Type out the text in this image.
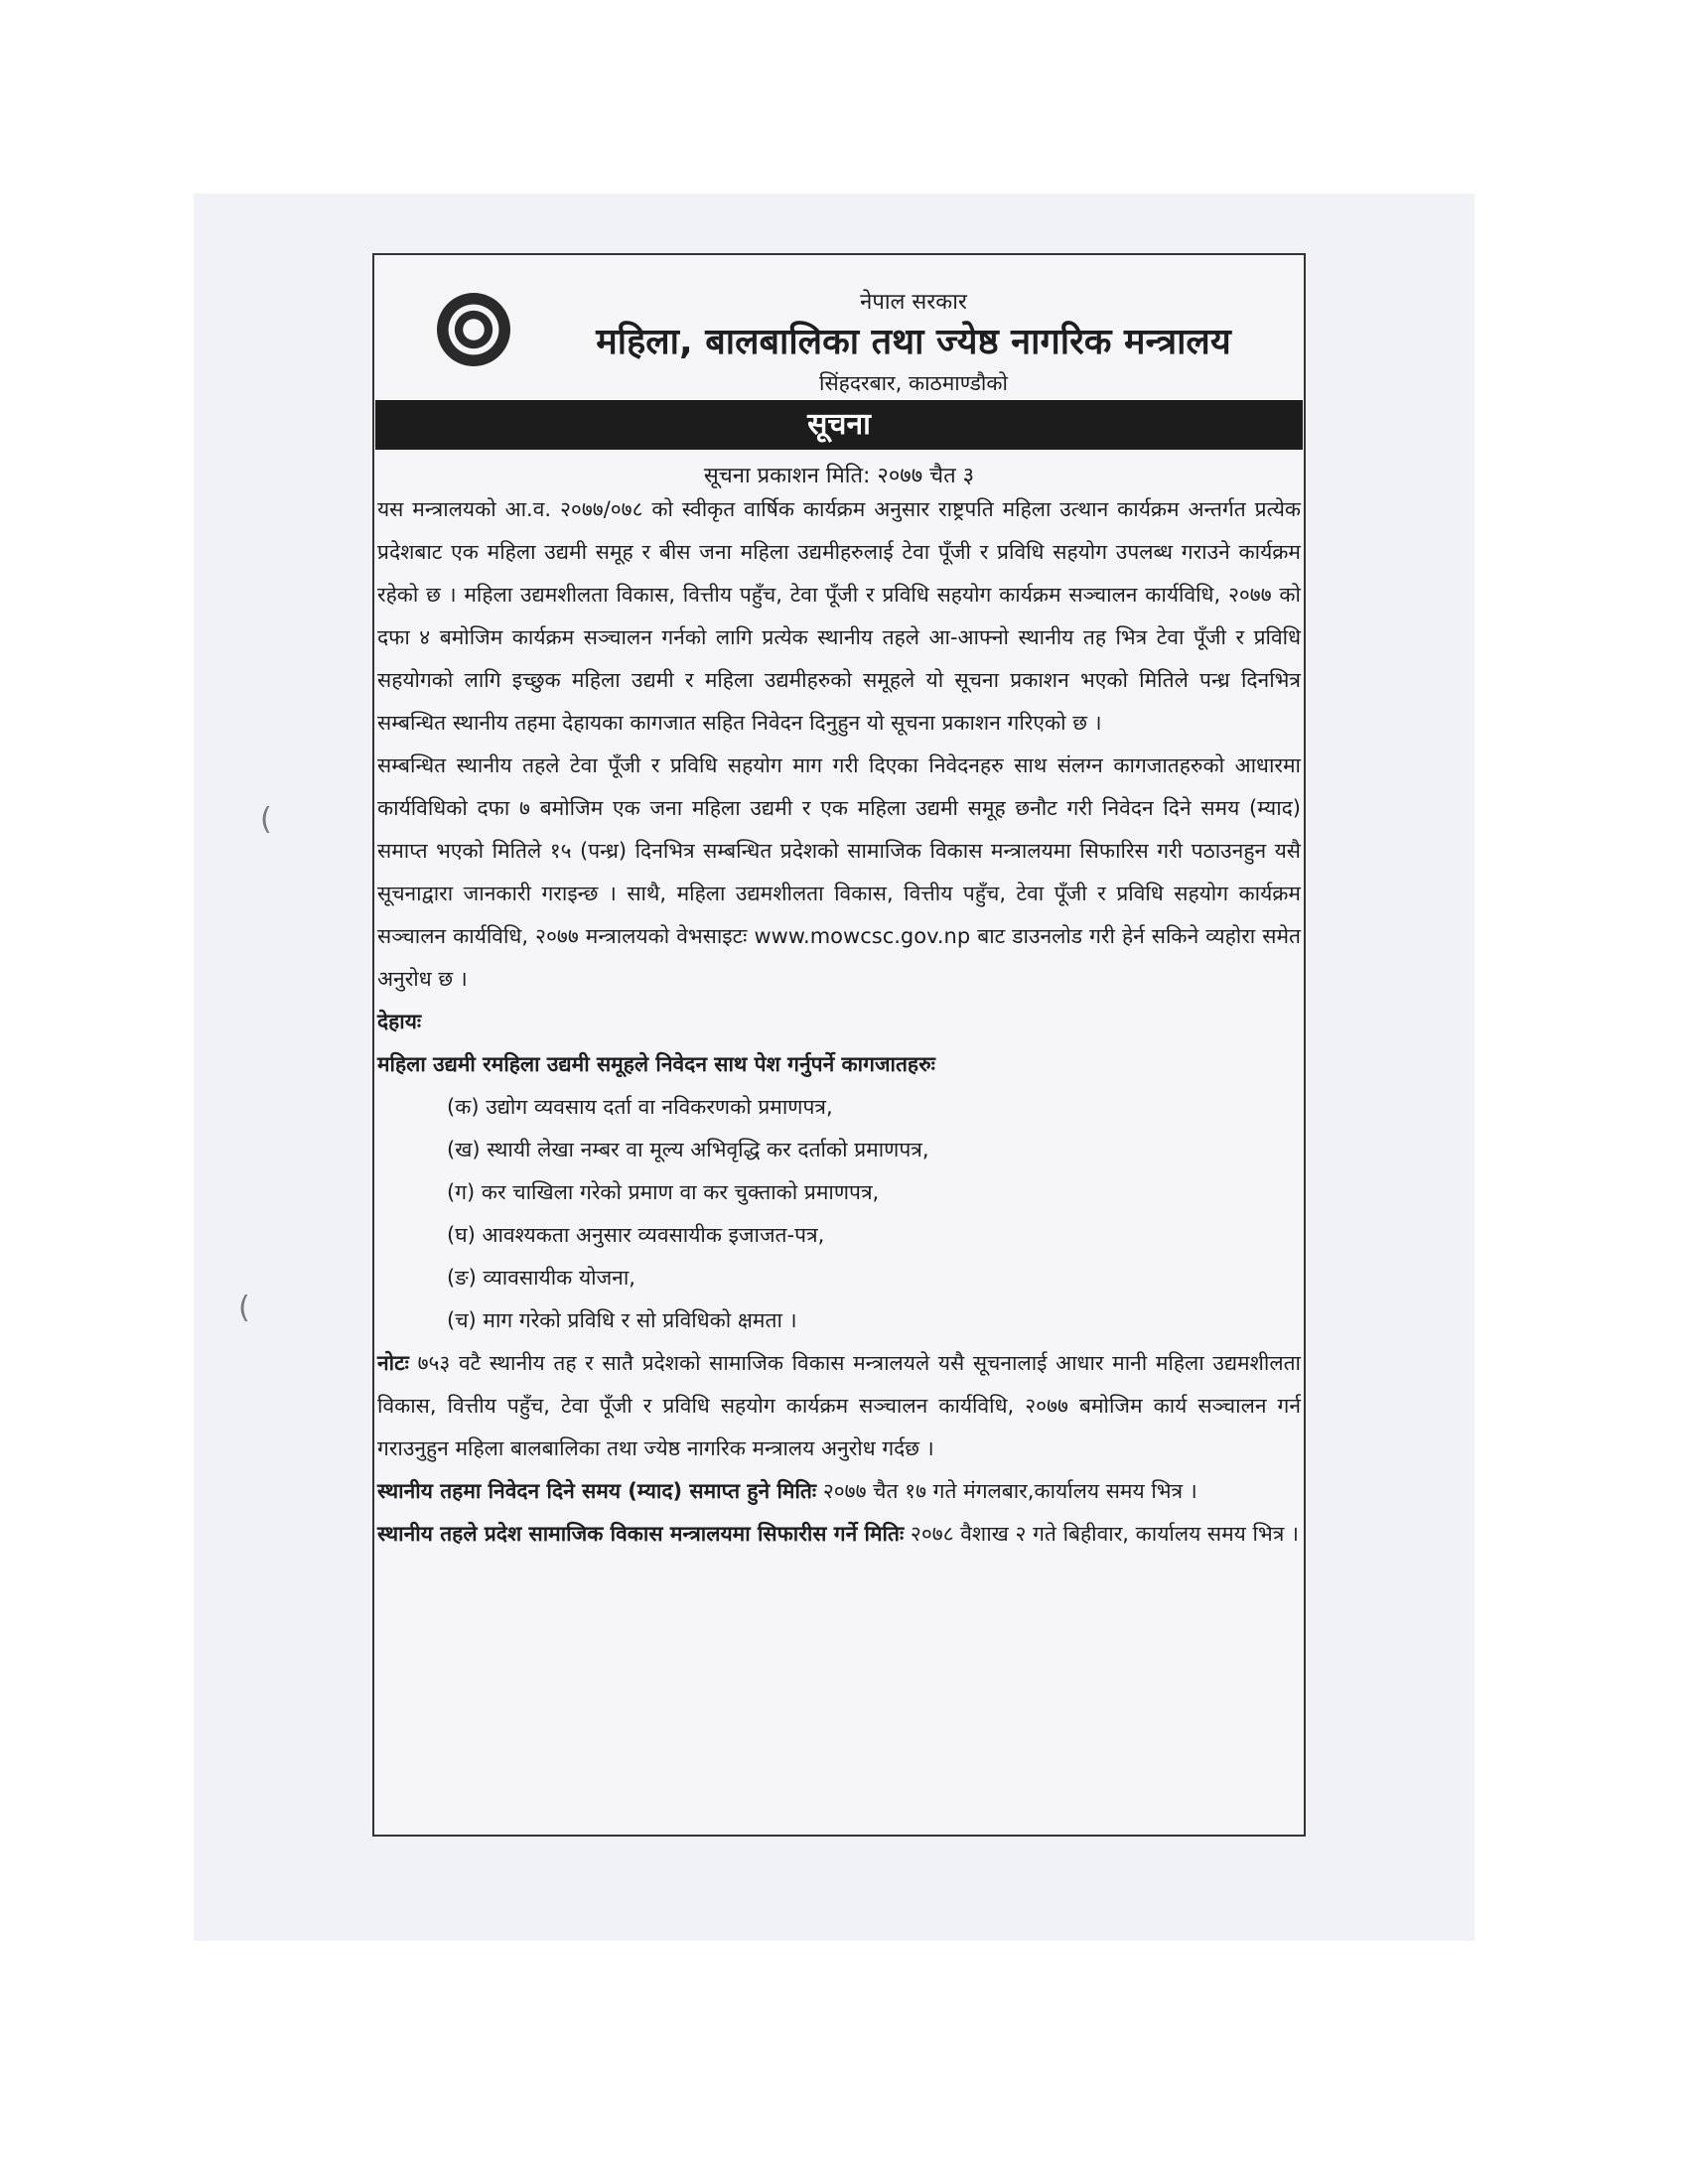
नेपाल सरकार
महिला, बालबालिका तथा ज्येष्ठ नागरिक मन्त्रालय
सिंहदरबार, काठमाण्डौको
सूचना
सूचना प्रकाशन मिति: २०७७ चैत ३

यस मन्त्रालयको आ.व. २०७७/०७८ को स्वीकृत वार्षिक कार्यक्रम अनुसार राष्ट्रपति महिला उत्थान कार्यक्रम अन्तर्गत प्रत्येक प्रदेशबाट एक महिला उद्यमी समूह र बीस जना महिला उद्यमीहरुलाई टेवा पूँजी र प्रविधि सहयोग उपलब्ध गराउने कार्यक्रम रहेको छ । महिला उद्यमशीलता विकास, वित्तीय पहुँच, टेवा पूँजी र प्रविधि सहयोग कार्यक्रम सञ्चालन कार्यविधि, २०७७ को दफा ४ बमोजिम कार्यक्रम सञ्चालन गर्नको लागि प्रत्येक स्थानीय तहले आ-आफ्नो स्थानीय तह भित्र टेवा पूँजी र प्रविधि सहयोगको लागि इच्छुक महिला उद्यमी र महिला उद्यमीहरुको समूहले यो सूचना प्रकाशन भएको मितिले पन्ध्र दिनभित्र सम्बन्धित स्थानीय तहमा देहायका कागजात सहित निवेदन दिनुहुन यो सूचना प्रकाशन गरिएको छ ।

सम्बन्धित स्थानीय तहले टेवा पूँजी र प्रविधि सहयोग माग गरी दिएका निवेदनहरु साथ संलग्न कागजातहरुको आधारमा कार्यविधिको दफा ७ बमोजिम एक जना महिला उद्यमी र एक महिला उद्यमी समूह छनौट गरी निवेदन दिने समय (म्याद) समाप्त भएको मितिले १५ (पन्ध्र) दिनभित्र सम्बन्धित प्रदेशको सामाजिक विकास मन्त्रालयमा सिफारिस गरी पठाउनहुन यसै सूचनाद्वारा जानकारी गराइन्छ । साथै, महिला उद्यमशीलता विकास, वित्तीय पहुँच, टेवा पूँजी र प्रविधि सहयोग कार्यक्रम सञ्चालन कार्यविधि, २०७७ मन्त्रालयको वेभसाइटः www.mowcsc.gov.np बाट डाउनलोड गरी हेर्न सकिने व्यहोरा समेत अनुरोध छ ।

देहायः

महिला उद्यमी रमहिला उद्यमी समूहले निवेदन साथ पेश गर्नुपर्ने कागजातहरुः

(क) उद्योग व्यवसाय दर्ता वा नविकरणको प्रमाणपत्र,
(ख) स्थायी लेखा नम्बर वा मूल्य अभिवृद्धि कर दर्ताको प्रमाणपत्र,
(ग) कर चाखिला गरेको प्रमाण वा कर चुक्ताको प्रमाणपत्र,
(घ) आवश्यकता अनुसार व्यवसायीक इजाजत-पत्र,
(ङ) व्यावसायीक योजना,
(च) माग गरेको प्रविधि र सो प्रविधिको क्षमता ।

नोटः ७५३ वटै स्थानीय तह र सातै प्रदेशको सामाजिक विकास मन्त्रालयले यसै सूचनालाई आधार मानी महिला उद्यमशीलता विकास, वित्तीय पहुँच, टेवा पूँजी र प्रविधि सहयोग कार्यक्रम सञ्चालन कार्यविधि, २०७७ बमोजिम कार्य सञ्चालन गर्न गराउनुहुन महिला बालबालिका तथा ज्येष्ठ नागरिक मन्त्रालय अनुरोध गर्दछ ।

स्थानीय तहमा निवेदन दिने समय (म्याद) समाप्त हुने मितिः २०७७ चैत १७ गते मंगलबार,कार्यालय समय भित्र ।

स्थानीय तहले प्रदेश सामाजिक विकास मन्त्रालयमा सिफारीस गर्ने मितिः २०७८ वैशाख २ गते बिहीवार, कार्यालय समय भित्र ।

(
(
